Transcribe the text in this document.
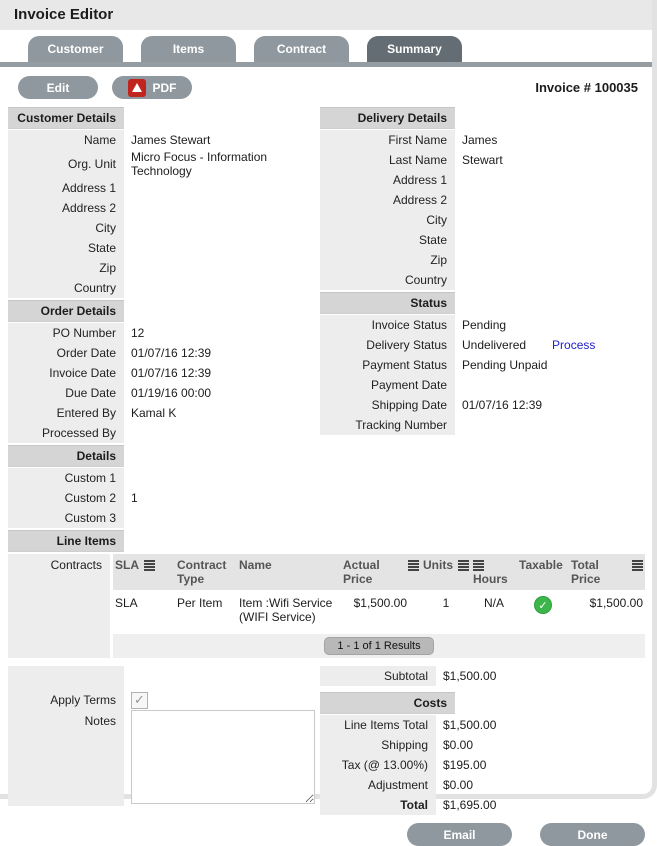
Invoice Editor
Customer	Items	Contract	Summary
Edit	PDF	Invoice # 100035
Customer Details
Name	James Stewart
Org. Unit	Micro Focus - Information Technology
Address 1
Address 2
City
State
Zip
Country
Order Details
PO Number	12
Order Date	01/07/16 12:39
Invoice Date	01/07/16 12:39
Due Date	01/19/16 00:00
Entered By	Kamal K
Processed By
Details
Custom 1
Custom 2	1
Custom 3
Delivery Details
First Name	James
Last Name	Stewart
Address 1
Address 2
City
State
Zip
Country
Status
Invoice Status	Pending
Delivery Status	Undelivered Process
Payment Status	Pending Unpaid
Payment Date
Shipping Date	01/07/16 12:39
Tracking Number
Line Items
Contracts	SLA	Contract Type	Name	Actual Price	Units	Hours	Taxable	Total Price

SLA	Per Item	Item :Wifi Service (WIFI Service)	$1,500.00	1	N/A	✓	$1,500.00
1 - 1 of 1 Results
Apply Terms	✓
Notes
Subtotal	$1,500.00
Costs
Line Items Total	$1,500.00
Shipping	$0.00
Tax (@ 13.00%)	$195.00
Adjustment	$0.00
Total	$1,695.00
Email	Done
